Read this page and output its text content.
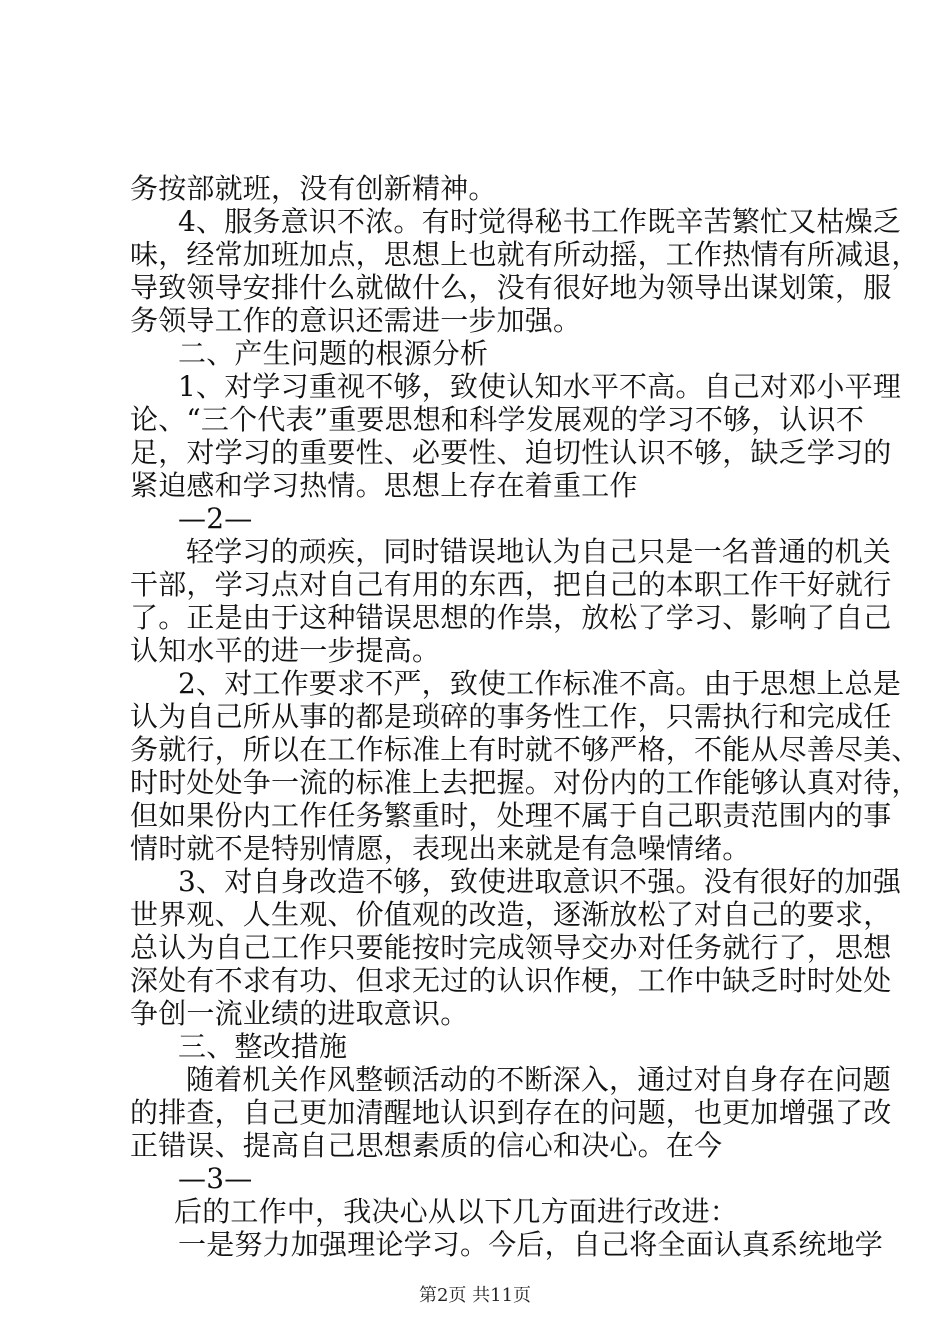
务按部就班，没有创新精神。
4、服务意识不浓。有时觉得秘书工作既辛苦繁忙又枯燥乏
味，经常加班加点，思想上也就有所动摇，工作热情有所减退，
导致领导安排什么就做什么，没有很好地为领导出谋划策，服
务领导工作的意识还需进一步加强。
二、产生问题的根源分析
1、对学习重视不够，致使认知水平不高。自己对邓小平理
论、“三个代表”重要思想和科学发展观的学习不够，认识不
足，对学习的重要性、必要性、迫切性认识不够，缺乏学习的
紧迫感和学习热情。思想上存在着重工作
—2—
轻学习的顽疾，同时错误地认为自己只是一名普通的机关
干部，学习点对自己有用的东西，把自己的本职工作干好就行
了。正是由于这种错误思想的作祟，放松了学习、影响了自己
认知水平的进一步提高。
2、对工作要求不严，致使工作标准不高。由于思想上总是
认为自己所从事的都是琐碎的事务性工作，只需执行和完成任
务就行，所以在工作标准上有时就不够严格，不能从尽善尽美、
时时处处争一流的标准上去把握。对份内的工作能够认真对待，
但如果份内工作任务繁重时，处理不属于自己职责范围内的事
情时就不是特别情愿，表现出来就是有急噪情绪。
3、对自身改造不够，致使进取意识不强。没有很好的加强
世界观、人生观、价值观的改造，逐渐放松了对自己的要求，
总认为自己工作只要能按时完成领导交办对任务就行了，思想
深处有不求有功、但求无过的认识作梗，工作中缺乏时时处处
争创一流业绩的进取意识。
三、整改措施
随着机关作风整顿活动的不断深入，通过对自身存在问题
的排查，自己更加清醒地认识到存在的问题，也更加增强了改
正错误、提高自己思想素质的信心和决心。在今
—3—
后的工作中，我决心从以下几方面进行改进：
一是努力加强理论学习。今后，自己将全面认真系统地学
第2页 共11页
